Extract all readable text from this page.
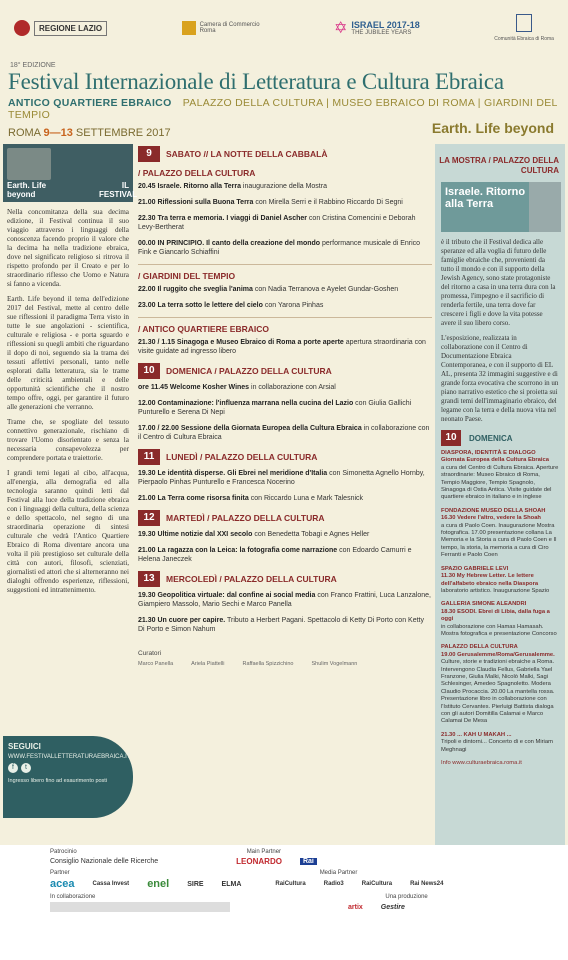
REGIONE LAZIO	Camera di Commercio Roma	✡ ISRAEL 2017-18
THE JUBILEE YEARS
Comunità Ebraica di Roma
18° EDIZIONE
Festival Internazionale di Letteratura e Cultura Ebraica
ANTICO QUARTIERE EBRAICO PALAZZO DELLA CULTURA | MUSEO EBRAICO DI ROMA | GIARDINI DEL TEMPIO
ROMA 9—13 SETTEMBRE 2017	Earth. Life beyond
Earth. Life beyond
IL FESTIVAL

Nella concomitanza della sua decima edizione, il Festival continua il suo viaggio attraverso i linguaggi della conoscenza facendo proprio il valore che la decima ha nella tradizione ebraica, dove nel significato religioso si ritrova il rispetto profondo per il Creato e per lo straordinario riflesso che Uomo e Natura si fanno a vicenda.

Earth. Life beyond il tema dell'edizione 2017 del Festival, mette al centro delle sue riflessioni il paradigma Terra visto in tutte le sue angolazioni - scientifica, culturale e religiosa - e porta sguardo e riflessioni su quegli ambiti che riguardano il dopo di noi, seguendo sia la trama dei tessuti affettivi personali, tanto nelle esplorati dalla letteratura, sia le trame delle criticità ambientali e delle opportunità scientifiche che il nostro tempo offre, oggi, per garantire il futuro alle generazioni che verranno.

Trame che, se spogliate del tessuto connettivo generazionale, rischiano di trovare l'Uomo disorientato e senza la necessaria consapevolezza per comprendere portata e traiettorie.

I grandi temi legati al cibo, all'acqua, all'energia, alla demografia ed alla tecnologia saranno quindi letti dal Festival alla luce della tradizione ebraica con i linguaggi della cultura, della scienza e dello spettacolo, nel segno di una straordinaria operazione di sintesi culturale che vedrà l'Antico Quartiere Ebraico di Roma diventare ancora una volta il più prestigioso set culturale della città con autori, filosofi, scienziati, giornalisti ed attori che si alterneranno nei dialoghi offrendo esperienze, riflessioni, suggestioni ed intrattenimento.

SEGUICI
WWW.FESTIVALLETTERATURAEBRAICA.IT
f	t
Ingresso libero fino ad esaurimento posti
9	SABATO // LA NOTTE DELLA CABBALÀ
/ PALAZZO DELLA CULTURA
20.45 Israele. Ritorno alla Terra inaugurazione della Mostra
21.00 Riflessioni sulla Buona Terra con Mirella Serri e il Rabbino Riccardo Di Segni
22.30 Tra terra e memoria. I viaggi di Daniel Ascher con Cristina Comencini e Deborah Levy-Bertherat
00.00 IN PRINCIPIO. Il canto della creazione del mondo performance musicale di Enrico Fink e Giancarlo Schiaffini
/ GIARDINI DEL TEMPIO
22.00 Il ruggito che sveglia l'anima con Nadia Terranova e Ayelet Gundar-Goshen
23.00 La terra sotto le lettere del cielo con Yarona Pinhas
/ ANTICO QUARTIERE EBRAICO
21.30 / 1.15 Sinagoga e Museo Ebraico di Roma a porte aperte apertura straordinaria con visite guidate ad ingresso libero
10	DOMENICA / PALAZZO DELLA CULTURA
ore 11.45 Welcome Kosher Wines in collaborazione con Arsial
12.00 Contaminazione: l'influenza marrana nella cucina del Lazio con Giulia Gallichi Punturello e Serena Di Nepi
17.00 / 22.00 Sessione della Giornata Europea della Cultura Ebraica in collaborazione con il Centro di Cultura Ebraica
11	LUNEDÌ / PALAZZO DELLA CULTURA
19.30 Le identità disperse. Gli Ebrei nel meridione d'Italia con Simonetta Agnello Hornby, Pierpaolo Pinhas Punturello e Francesca Nocerino
21.00 La Terra come risorsa finita con Riccardo Luna e Mark Talesnick
12	MARTEDÌ / PALAZZO DELLA CULTURA
19.30 Ultime notizie dal XXI secolo con Benedetta Tobagi e Agnes Heller
21.00 La ragazza con la Leica: la fotografia come narrazione con Edoardo Camurri e Helena Janeczek
13	MERCOLEDÌ / PALAZZO DELLA CULTURA
19.30 Geopolitica virtuale: dal confine ai social media con Franco Frattini, Luca Lanzalone, Giampiero Massolo, Mario Sechi e Marco Panella
21.30 Un cuore per capire. Tributo a Herbert Pagani. Spettacolo di Ketty Di Porto con Ketty Di Porto e Simon Nahum
Curatori
Marco Panella	Ariela Piattelli	Raffaella Spizzichino	Shulim Vogelmann
LA MOSTRA / PALAZZO DELLA CULTURA
Israele. Ritorno alla Terra

è il tributo che il Festival dedica alle speranze ed alla voglia di futuro delle famiglie ebraiche che, provenienti da tutto il mondo e con il supporto della Jewish Agency, sono state protagoniste del ritorno a casa in una terra dura con la promessa, l'impegno e il sacrificio di renderla fertile, una terra dove far crescere i figli e dove la vita potesse avere il suo libero corso.

L'esposizione, realizzata in collaborazione con il Centro di Documentazione Ebraica Contemporanea, e con il supporto di EL AL, presenta 32 immagini suggestive e di grande forza evocativa che scorrono in un piano narrativo estetico che si proietta sui grandi temi dell'immaginario ebraico, del legame con la terra e della nuova vita nel neonato Paese.

10	DOMENICA
DIASPORA, IDENTITÀ E DIALOGO
Giornata Europea della Cultura Ebraica
a cura del Centro di Cultura Ebraica. Aperture straordinarie: Museo Ebraico di Roma, Tempio Maggiore, Tempio Spagnolo, Sinagoga di Ostia Antica. Visite guidate del quartiere ebraico in italiano e in inglese
FONDAZIONE MUSEO DELLA SHOAH
16.30 Vedere l'altro, vedere la Shoah
a cura di Paolo Coen. Inaugurazione Mostra fotografica. 17.00 presentazione collana La Memoria e la Storia a cura di Paolo Coen e Il tempo, la storia, la memoria a cura di Ciro Ferranti e Paolo Coen
SPAZIO GABRIELE LEVI
11.30 My Hebrew Letter. Le lettere dell'alfabeto ebraico nella Diaspora
laboratorio artistico. Inaugurazione Spazio
GALLERIA SIMONE ALEANDRI
18.30 ESODI. Ebrei di Libia, dalla fuga a oggi
in collaborazione con Hamas Hamasah. Mostra fotografica e presentazione Concorso
PALAZZO DELLA CULTURA
19.00 Gerusalemme/Roma/Gerusalemme.
Culture, storie e tradizioni ebraiche a Roma. Intervengono Claudia Fellus, Gabriella Yael Franzone, Giulia Malki, Nicolò Malki, Sagi Schlesinger, Amedeo Spagnoletto. Modera Claudio Procaccia. 20.00 La mantella rossa. Presentazione libro in collaborazione con l'Istituto Cervantes. Pierluigi Battista dialoga con gli autori Domitilla Calamai e Marco Calamai De Mesa
21.30 ... KAH U MAKAH ...
Tripoli e dintorni... Concerto di e con Miriam Meghnagi
Info www.culturaebraica.roma.it
Patrocinio	Main Partner
Consiglio Nazionale delle Ricerche	LEONARDO	Rai
Partner	Media Partner
acea	Cassa Invest enel	SIRE	ELMA	RaiCultura	Radio3	RaiCultura	Rai News24
In collaborazione	Una produzione
artix	Gestire
